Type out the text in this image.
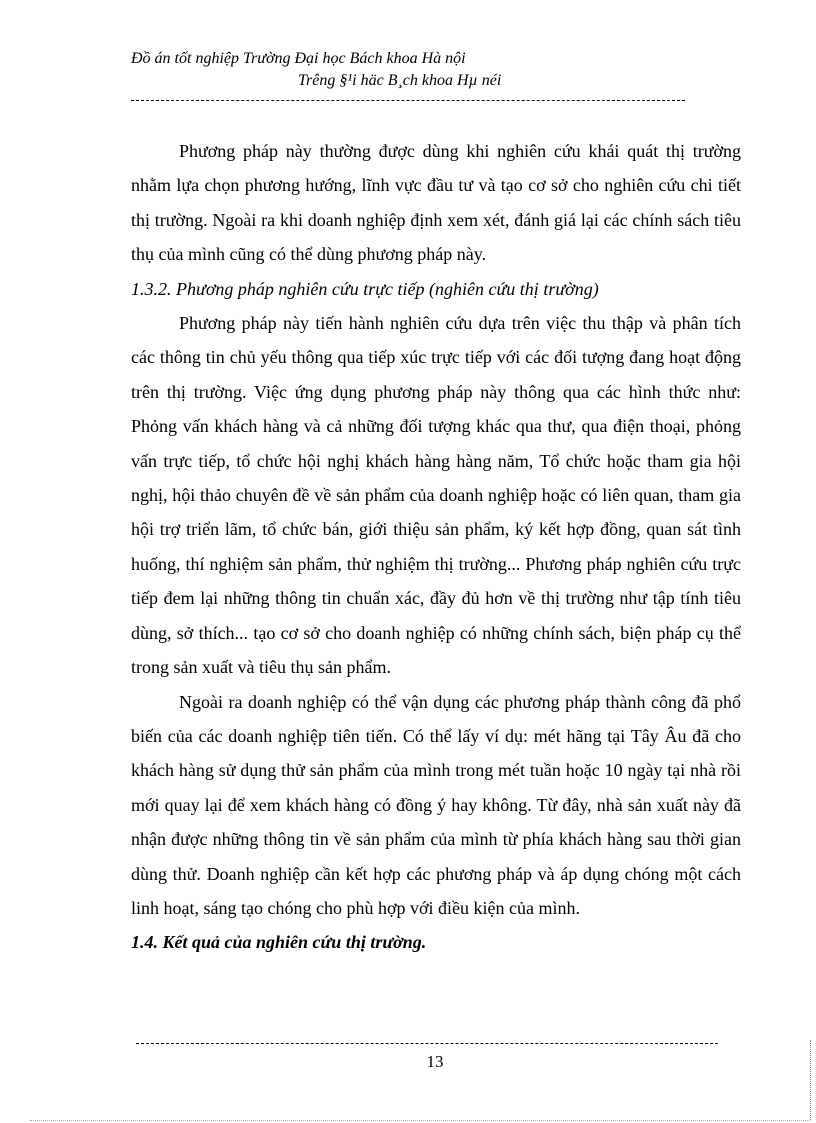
Đồ án tốt nghiệp Trường Đại học Bách khoa Hà nội
Trêng §¹i häc B¸ch khoa Hµ néi

Phương pháp này thường được dùng khi nghiên cứu khái quát thị trường nhằm lựa chọn phương hướng, lĩnh vực đầu tư và tạo cơ sở cho nghiên cứu chi tiết thị trường. Ngoài ra khi doanh nghiệp định xem xét, đánh giá lại các chính sách tiêu thụ của mình cũng có thể dùng phương pháp này.

1.3.2. Phương pháp nghiên cứu trực tiếp (nghiên cứu thị trường)

Phương pháp này tiến hành nghiên cứu dựa trên việc thu thập và phân tích các thông tin chủ yếu thông qua tiếp xúc trực tiếp với các đối tượng đang hoạt động trên thị trường. Việc ứng dụng phương pháp này thông qua các hình thức như: Phỏng vấn khách hàng và cả những đối tượng khác qua thư, qua điện thoại, phỏng vấn trực tiếp, tổ chức hội nghị khách hàng hàng năm, Tổ chức hoặc tham gia hội nghị, hội thảo chuyên đề về sản phẩm của doanh nghiệp hoặc có liên quan, tham gia hội trợ triển lãm, tổ chức bán, giới thiệu sản phẩm, ký kết hợp đồng, quan sát tình huống, thí nghiệm sản phẩm, thử nghiệm thị trường... Phương pháp nghiên cứu trực tiếp đem lại những thông tin chuẩn xác, đầy đủ hơn về thị trường như tập tính tiêu dùng, sở thích... tạo cơ sở cho doanh nghiệp có những chính sách, biện pháp cụ thể trong sản xuất và tiêu thụ sản phẩm.

Ngoài ra doanh nghiệp có thể vận dụng các phương pháp thành công đã phổ biến của các doanh nghiệp tiên tiến. Có thể lấy ví dụ: mét hãng tại Tây Âu đã cho khách hàng sử dụng thử sản phẩm của mình trong mét tuần hoặc 10 ngày tại nhà rồi mới quay lại để xem khách hàng có đồng ý hay không. Từ đây, nhà sản xuất này đã nhận được những thông tin về sản phẩm của mình từ phía khách hàng sau thời gian dùng thử. Doanh nghiệp cần kết hợp các phương pháp và áp dụng chóng một cách linh hoạt, sáng tạo chóng cho phù hợp với điều kiện của mình.

1.4. Kết quả của nghiên cứu thị trường.

13
